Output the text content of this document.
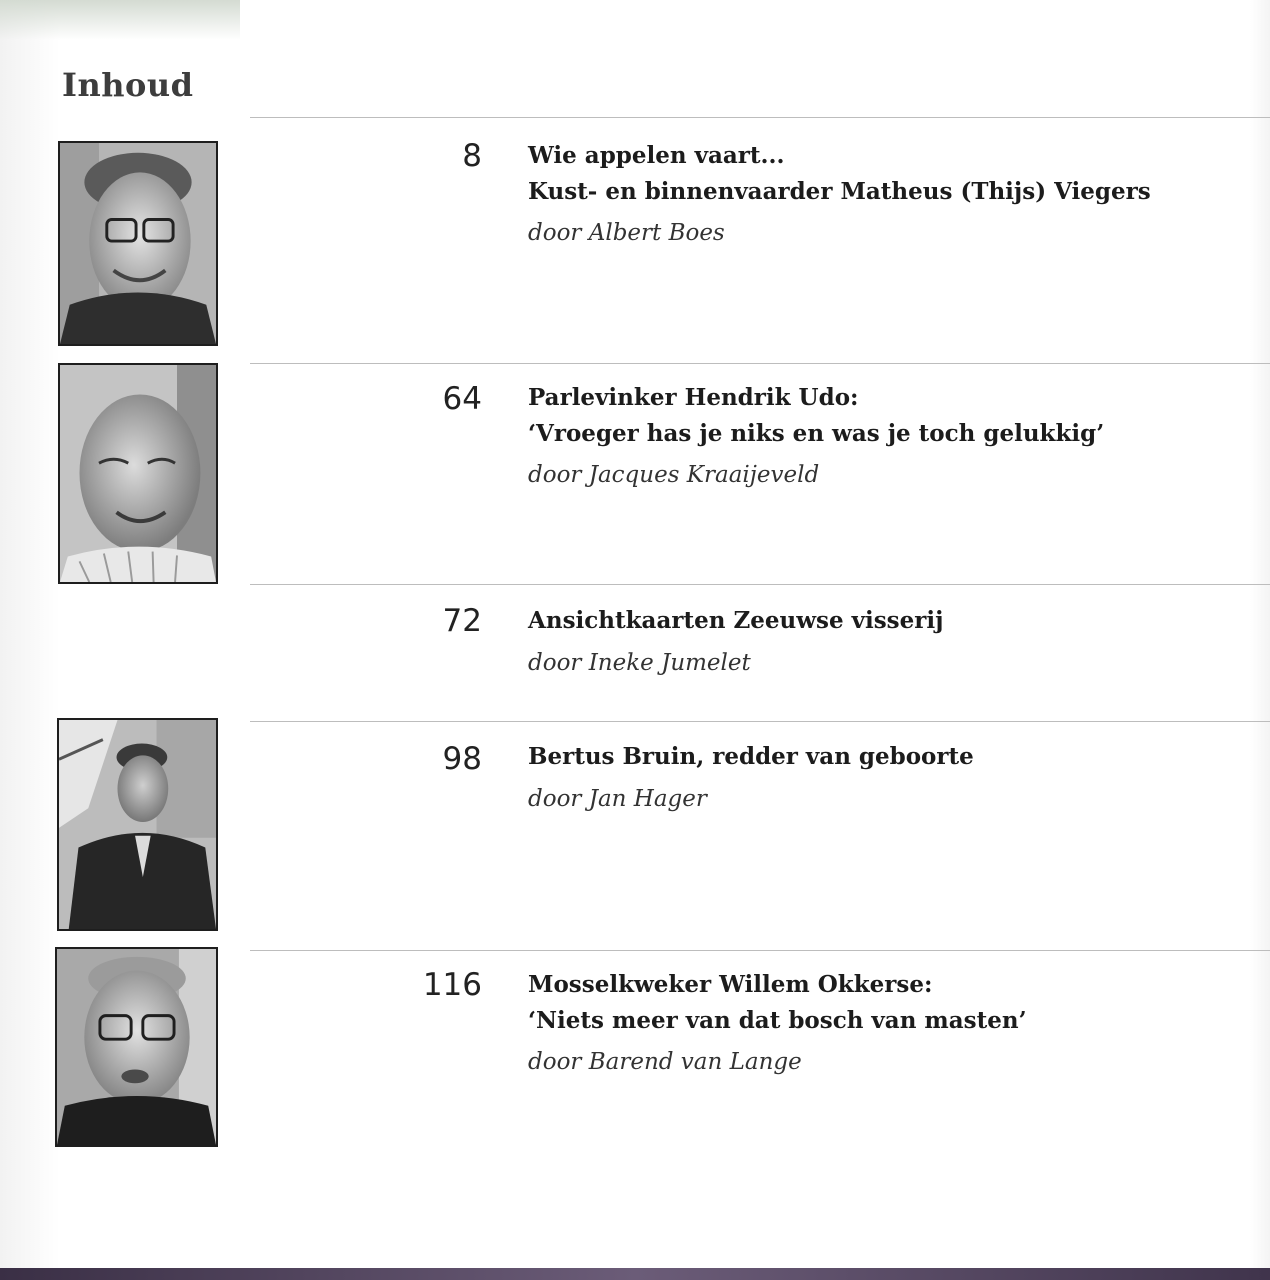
Inhoud
8 Wie appelen vaart...
Kust- en binnenvaarder Matheus (Thijs) Viegers
door Albert Boes
64 Parlevinker Hendrik Udo:
‘Vroeger has je niks en was je toch gelukkig’
door Jacques Kraaijeveld
72 Ansichtkaarten Zeeuwse visserij
door Ineke Jumelet
98 Bertus Bruin, redder van geboorte
door Jan Hager
116 Mosselkweker Willem Okkerse:
‘Niets meer van dat bosch van masten’
door Barend van Lange
